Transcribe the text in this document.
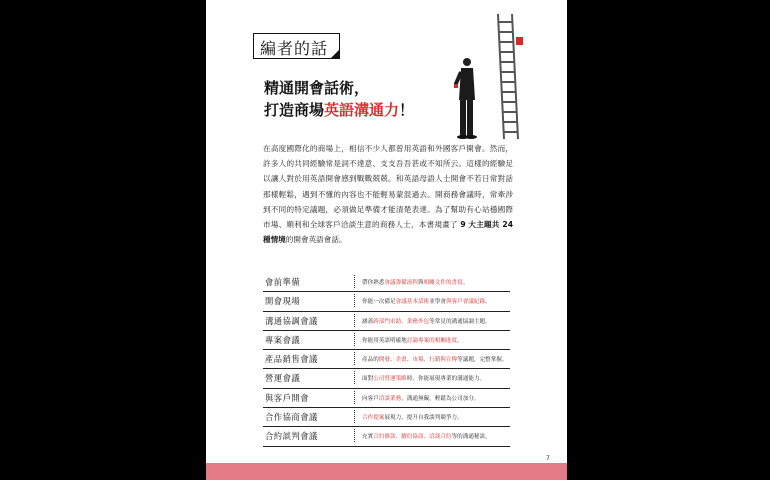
編者的話
精通開會話術，
打造商場英語溝通力！
在高度國際化的商場上，相信不少人都曾用英語和外國客戶開會。然而，許多人的共同經驗常是詞不達意、支支吾吾甚或不知所云。這樣的經驗足以讓人對於用英語開會感到戰戰兢兢。和英語母語人士開會不若日常對話那樣輕鬆，遇到不懂的內容也不能輕易蒙混過去。開商務會議時，常牽涉到不同的特定議題，必須做足準備才能清楚表達。為了幫助有心站穩國際市場、順利和全球客戶洽談生意的商務人士，本書規畫了 9 大主題共 24 種情境的開會英語會話。
會前準備	帶你熟悉會議籌備流程與相關文件的書寫。
開會現場	你能一次備足會議基本話術並學會與客戶會議紀錄。
溝通協調會議	涵蓋跨部門求助、業務外包等常見的溝通協調主題。
專案會議	你能用英語明確地討論專案的相關進度。
產品銷售會議	產品的開發、企畫、市場、行銷與宣傳等議題，完整掌握。
營運會議	面對公司營運策略時，你能展現專業的溝通能力。
與客戶開會	向客戶洽談業務，溝通無礙，輕鬆為公司加分。
合作協商會議	合作提案展現力，提升自我談判競爭力。
合約談判會議	充實合約條款、續約協商、洽談合約等的溝通秘訣。
7
